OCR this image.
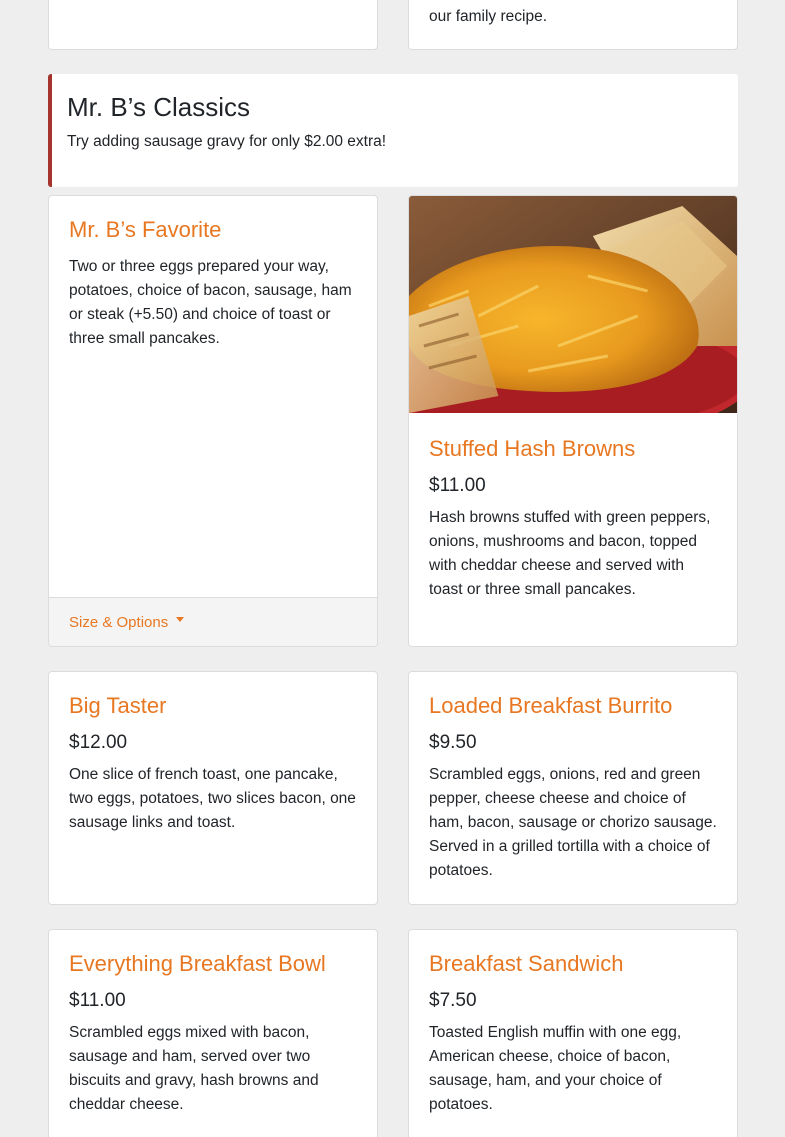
our family recipe.
Mr. B’s Classics

Try adding sausage gravy for only $2.00 extra!

Mr. B’s Favorite

Two or three eggs prepared your way, potatoes, choice of bacon, sausage, ham or steak (+5.50) and choice of toast or three small pancakes.

Size & Options
Stuffed Hash Browns
$11.00

Hash browns stuffed with green peppers, onions, mushrooms and bacon, topped with cheddar cheese and served with toast or three small pancakes.

Big Taster
$12.00

One slice of french toast, one pancake, two eggs, potatoes, two slices bacon, one sausage links and toast.

Loaded Breakfast Burrito
$9.50

Scrambled eggs, onions, red and green pepper, cheese cheese and choice of ham, bacon, sausage or chorizo sausage. Served in a grilled tortilla with a choice of potatoes.

Everything Breakfast Bowl
$11.00

Scrambled eggs mixed with bacon, sausage and ham, served over two biscuits and gravy, hash browns and cheddar cheese.

Breakfast Sandwich
$7.50

Toasted English muffin with one egg, American cheese, choice of bacon, sausage, ham, and your choice of potatoes.
